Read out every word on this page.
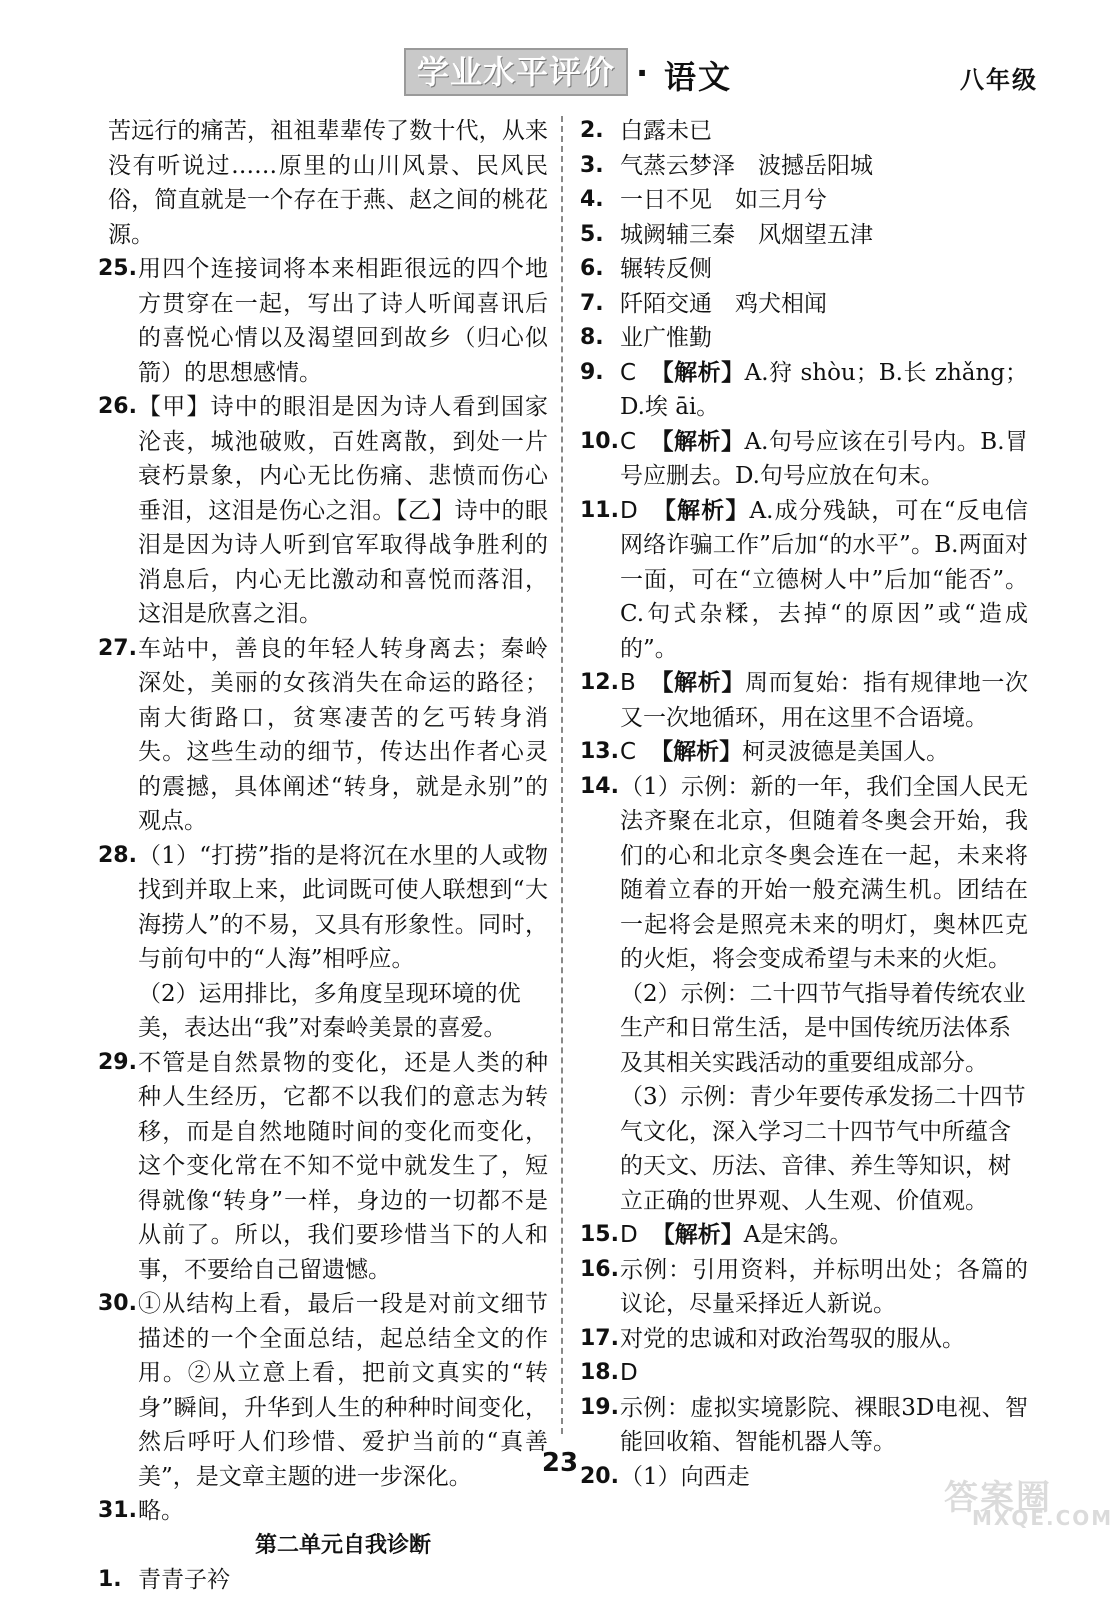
学业水平评价 · 语文	八年级
苦远行的痛苦，祖祖辈辈传了数十代，从来没有听说过……原里的山川风景、民风民俗，简直就是一个存在于燕、赵之间的桃花源。
25. 用四个连接词将本来相距很远的四个地方贯穿在一起，写出了诗人听闻喜讯后的喜悦心情以及渴望回到故乡（归心似箭）的思想感情。
26. 【甲】诗中的眼泪是因为诗人看到国家沦丧，城池破败，百姓离散，到处一片衰朽景象，内心无比伤痛、悲愤而伤心垂泪，这泪是伤心之泪。【乙】诗中的眼泪是因为诗人听到官军取得战争胜利的消息后，内心无比激动和喜悦而落泪，这泪是欣喜之泪。
27. 车站中，善良的年轻人转身离去；秦岭深处，美丽的女孩消失在命运的路径；南大街路口，贫寒凄苦的乞丐转身消失。这些生动的细节，传达出作者心灵的震撼，具体阐述“转身，就是永别”的观点。
28. （1）“打捞”指的是将沉在水里的人或物找到并取上来，此词既可使人联想到“大海捞人”的不易，又具有形象性。同时，与前句中的“人海”相呼应。
（2）运用排比，多角度呈现环境的优美，表达出“我”对秦岭美景的喜爱。
29. 不管是自然景物的变化，还是人类的种种人生经历，它都不以我们的意志为转移，而是自然地随时间的变化而变化，这个变化常在不知不觉中就发生了，短得就像“转身”一样，身边的一切都不是从前了。所以，我们要珍惜当下的人和事，不要给自己留遗憾。
30. ①从结构上看，最后一段是对前文细节描述的一个全面总结，起总结全文的作用。②从立意上看，把前文真实的“转身”瞬间，升华到人生的种种时间变化，然后呼吁人们珍惜、爱护当前的“真善美”，是文章主题的进一步深化。
31. 略。
第二单元自我诊断
1. 青青子衿
2. 白露未已
3. 气蒸云梦泽　波撼岳阳城
4. 一日不见　如三月兮
5. 城阙辅三秦　风烟望五津
6. 辗转反侧
7. 阡陌交通　鸡犬相闻
8. 业广惟勤
9. C 【解析】A.狩 shòu；B.长 zhǎng；D.埃 āi。
10. C 【解析】A.句号应该在引号内。B.冒号应删去。D.句号应放在句末。
11. D 【解析】A.成分残缺，可在“反电信网络诈骗工作”后加“的水平”。B.两面对一面，可在“立德树人中”后加“能否”。C.句式杂糅，去掉“的原因”或“造成的”。
12. B 【解析】周而复始：指有规律地一次又一次地循环，用在这里不合语境。
13. C 【解析】柯灵波德是美国人。
14. （1）示例：新的一年，我们全国人民无法齐聚在北京，但随着冬奥会开始，我们的心和北京冬奥会连在一起，未来将随着立春的开始一般充满生机。团结在一起将会是照亮未来的明灯，奥林匹克的火炬，将会变成希望与未来的火炬。
（2）示例：二十四节气指导着传统农业生产和日常生活，是中国传统历法体系及其相关实践活动的重要组成部分。
（3）示例：青少年要传承发扬二十四节气文化，深入学习二十四节气中所蕴含的天文、历法、音律、养生等知识，树立正确的世界观、人生观、价值观。
15. D 【解析】A是宋鸽。
16. 示例：引用资料，并标明出处；各篇的议论，尽量采择近人新说。
17. 对党的忠诚和对政治驾驭的服从。
18. D
19. 示例：虚拟实境影院、裸眼3D电视、智能回收箱、智能机器人等。
20. （1）向西走
23
答案圈
MXQE.COM
